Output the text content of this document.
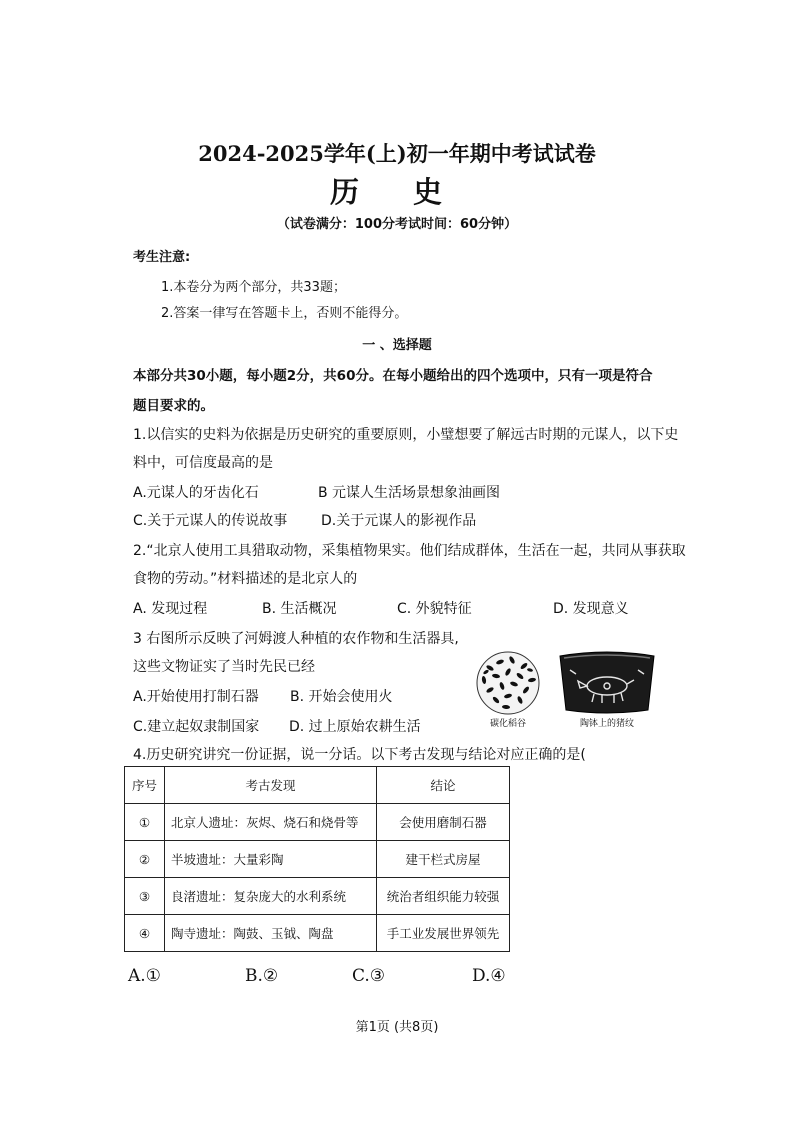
2024-2025学年(上)初一年期中考试试卷
历 史
（试卷满分：100分考试时间：60分钟）
考生注意:
1.本卷分为两个部分，共33题；
2.答案一律写在答题卡上，否则不能得分。
一 、选择题
本部分共30小题，每小题2分，共60分。在每小题给出的四个选项中，只有一项是符合
题目要求的。
1.以信实的史料为依据是历史研究的重要原则，小璧想要了解远古时期的元谋人，以下史
料中，可信度最高的是
A.元谋人的牙齿化石	B 元谋人生活场景想象油画图
C.关于元谋人的传说故事 D.关于元谋人的影视作品
2.“北京人使用工具猎取动物，采集植物果实。他们结成群体，生活在一起，共同从事获取
食物的劳动。”材料描述的是北京人的
A. 发现过程	B. 生活概况	C. 外貌特征	D. 发现意义
3 右图所示反映了河姆渡人种植的农作物和生活器具,
这些文物证实了当时先民已经
A.开始使用打制石器 B. 开始会使用火
C.建立起奴隶制国家 D. 过上原始农耕生活	碳化稻谷	陶钵上的猪纹
4.历史研究讲究一份证据，说一分话。以下考古发现与结论对应正确的是(
序号	考古发现	结论
①	北京人遗址：灰烬、烧石和烧骨等	会使用磨制石器
②	半坡遗址：大量彩陶	建干栏式房屋
③	良渚遗址：复杂庞大的水利系统	统治者组织能力较强
④	陶寺遗址：陶鼓、玉钺、陶盘	手工业发展世界领先
A.①	B.②	C.③	D.④
第1页 (共8页)
